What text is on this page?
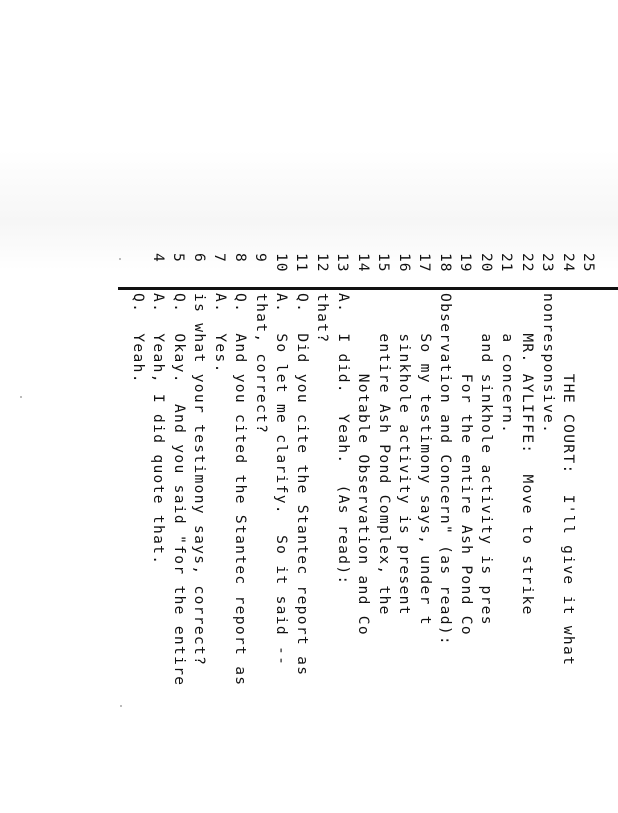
4

Q.  Yeah.

5

A.  Yeah, I did quote that.

6

Q.  Okay.  And you said "for the entire

7

is what your testimony says, correct?

8

A.  Yes.

9

Q.  And you cited the Stantec report as

10

that, correct?

11

A.  So let me clarify.  So it said --

12

Q.  Did you cite the Stantec report as

13

that?

14

A.  I did.  Yeah.  (As read):

15

Notable Observation and Co

16

entire Ash Pond Complex, the

17

sinkhole activity is present

18

So my testimony says, under t

19

Observation and Concern" (as read):

20

For the entire Ash Pond Co

21

and sinkhole activity is pres

22

a concern.

23

MR. AYLIFFE:  Move to strike

24

nonresponsive.

25

THE COURT:  I'll give it what
